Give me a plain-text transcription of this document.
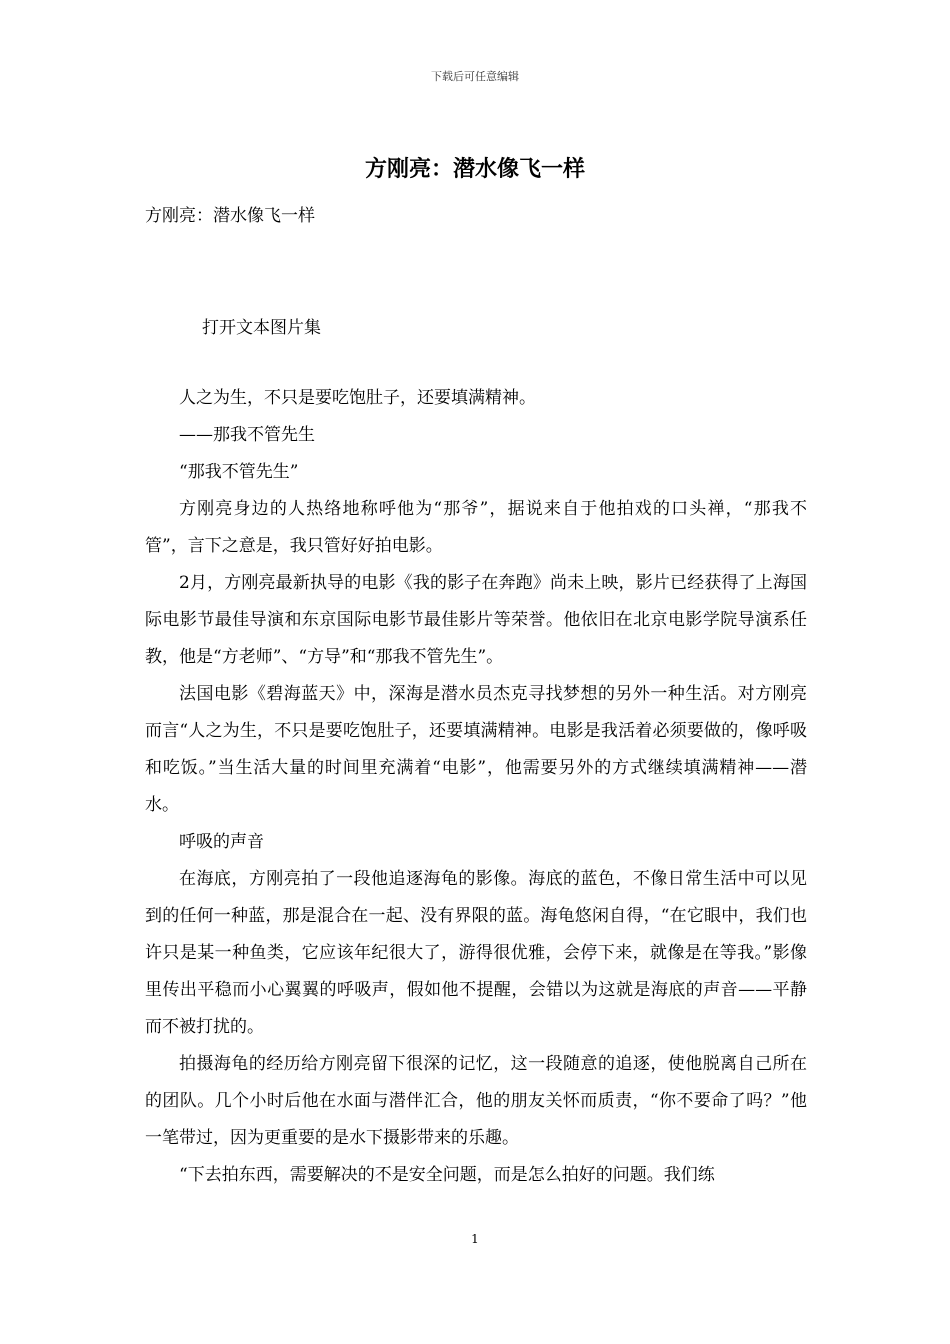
下载后可任意编辑
方刚亮：潜水像飞一样
方刚亮：潜水像飞一样
打开文本图片集

人之为生，不只是要吃饱肚子，还要填满精神。

——那我不管先生

“那我不管先生”

方刚亮身边的人热络地称呼他为“那爷”，据说来自于他拍戏的口头禅，“那我不管”，言下之意是，我只管好好拍电影。

2月，方刚亮最新执导的电影《我的影子在奔跑》尚未上映，影片已经获得了上海国际电影节最佳导演和东京国际电影节最佳影片等荣誉。他依旧在北京电影学院导演系任教，他是“方老师”、“方导”和“那我不管先生”。

法国电影《碧海蓝天》中，深海是潜水员杰克寻找梦想的另外一种生活。对方刚亮而言“人之为生，不只是要吃饱肚子，还要填满精神。电影是我活着必须要做的，像呼吸和吃饭。”当生活大量的时间里充满着“电影”，他需要另外的方式继续填满精神——潜水。

呼吸的声音

在海底，方刚亮拍了一段他追逐海龟的影像。海底的蓝色，不像日常生活中可以见到的任何一种蓝，那是混合在一起、没有界限的蓝。海龟悠闲自得，“在它眼中，我们也许只是某一种鱼类，它应该年纪很大了，游得很优雅，会停下来，就像是在等我。”影像里传出平稳而小心翼翼的呼吸声，假如他不提醒，会错以为这就是海底的声音——平静而不被打扰的。

拍摄海龟的经历给方刚亮留下很深的记忆，这一段随意的追逐，使他脱离自己所在的团队。几个小时后他在水面与潜伴汇合，他的朋友关怀而质责，“你不要命了吗？”他一笔带过，因为更重要的是水下摄影带来的乐趣。

“下去拍东西，需要解决的不是安全问题，而是怎么拍好的问题。我们练

1
